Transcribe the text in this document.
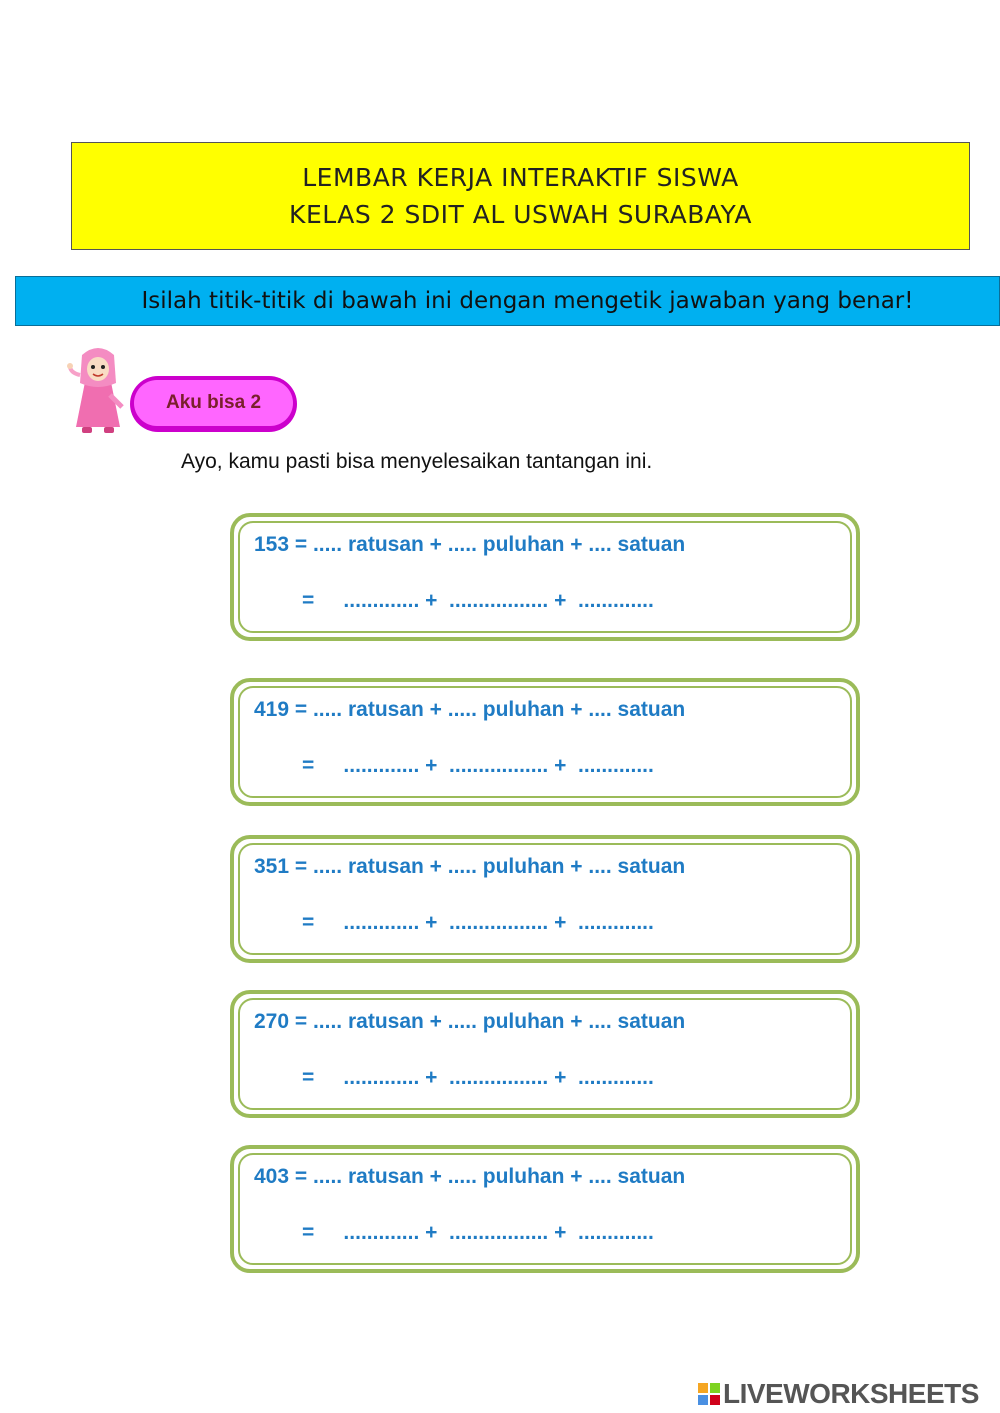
LEMBAR KERJA INTERAKTIF SISWA
KELAS 2 SDIT AL USWAH SURABAYA
Isilah titik-titik di bawah ini dengan mengetik jawaban yang benar!
Aku bisa 2
Ayo, kamu pasti bisa menyelesaikan tantangan ini.
153 = ..... ratusan + ..... puluhan + .... satuan
=     ............. +  ................. +  .............
419 = ..... ratusan + ..... puluhan + .... satuan
=     ............. +  ................. +  .............
351 = ..... ratusan + ..... puluhan + .... satuan
=     ............. +  ................. +  .............
270 = ..... ratusan + ..... puluhan + .... satuan
=     ............. +  ................. +  .............
403 = ..... ratusan + ..... puluhan + .... satuan
=     ............. +  ................. +  .............
LIVEWORKSHEETS
